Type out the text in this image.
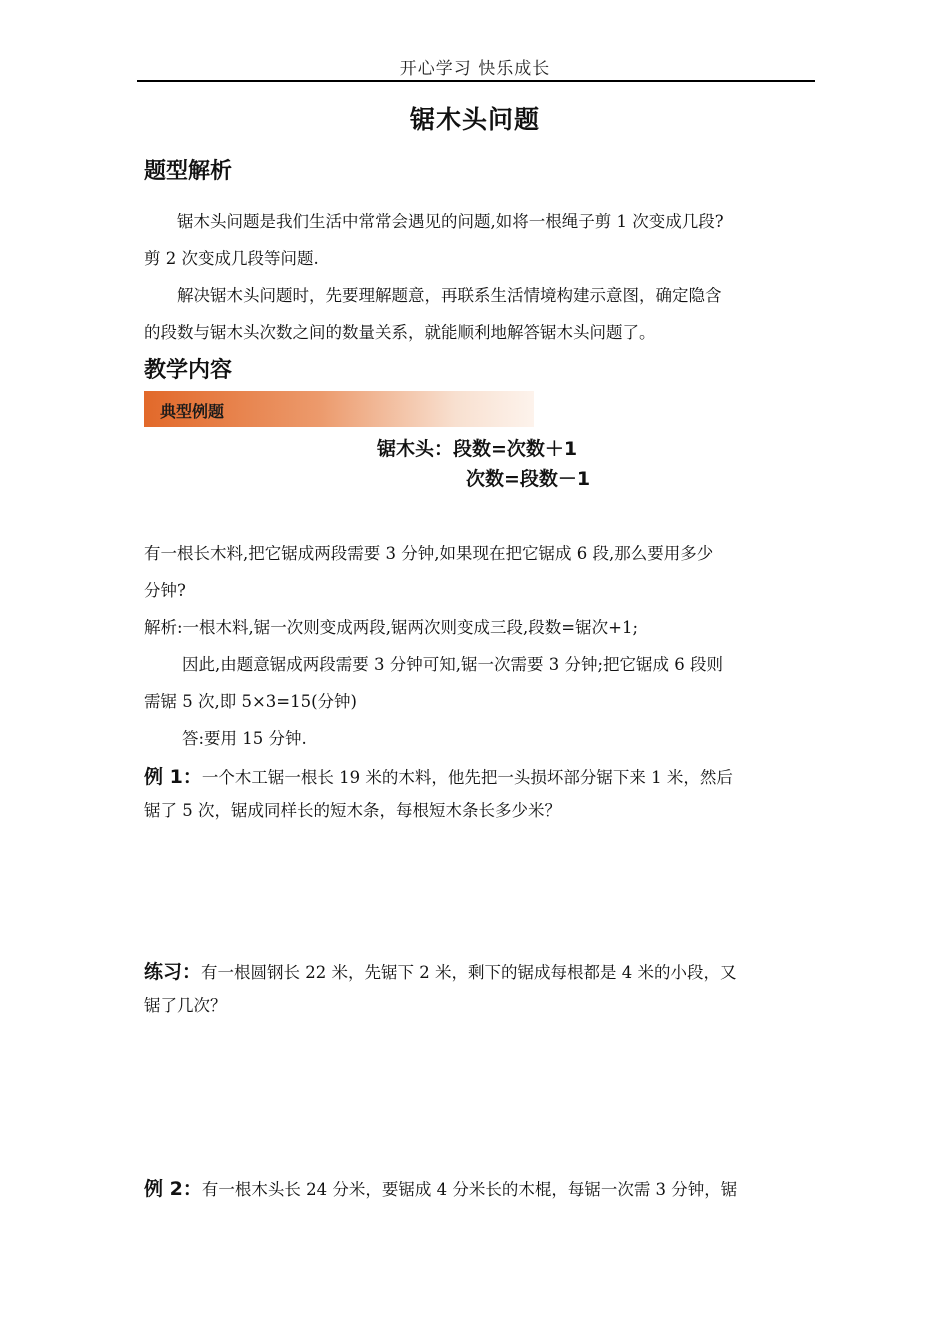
开心学习 快乐成长
锯木头问题
题型解析
锯木头问题是我们生活中常常会遇见的问题,如将一根绳子剪 1 次变成几段?
剪 2 次变成几段等问题.
解决锯木头问题时，先要理解题意，再联系生活情境构建示意图，确定隐含
的段数与锯木头次数之间的数量关系，就能顺利地解答锯木头问题了。
教学内容
典型例题
锯木头：段数=次数＋1
次数=段数－1
有一根长木料,把它锯成两段需要 3 分钟,如果现在把它锯成 6 段,那么要用多少
分钟?
解析:一根木料,锯一次则变成两段,锯两次则变成三段,段数=锯次+1;
因此,由题意锯成两段需要 3 分钟可知,锯一次需要 3 分钟;把它锯成 6 段则
需锯 5 次,即 5×3=15(分钟)
答:要用 15 分钟.
例 1：一个木工锯一根长 19 米的木料，他先把一头损坏部分锯下来 1 米，然后
锯了 5 次，锯成同样长的短木条，每根短木条长多少米？
练习：有一根圆钢长 22 米，先锯下 2 米，剩下的锯成每根都是 4 米的小段，又
锯了几次？
例 2：有一根木头长 24 分米，要锯成 4 分米长的木棍，每锯一次需 3 分钟，锯
